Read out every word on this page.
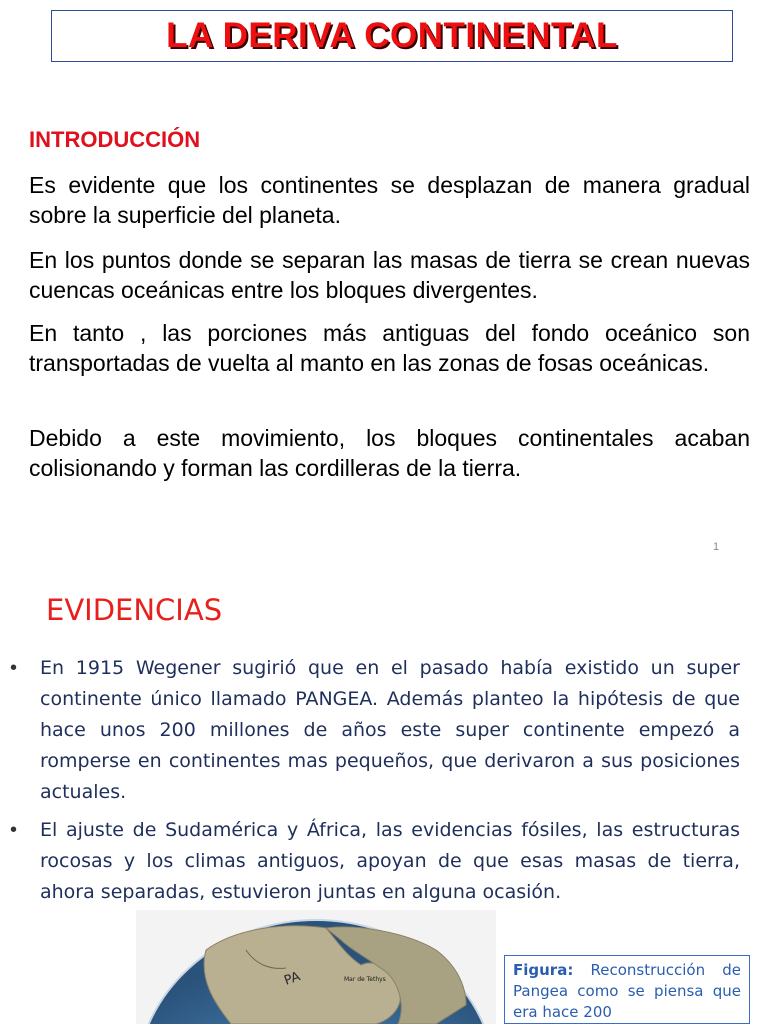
LA DERIVA CONTINENTAL
INTRODUCCIÓN
Es evidente que los continentes se desplazan de manera gradual sobre la superficie del planeta.
En los puntos donde se separan las masas de tierra se crean nuevas cuencas oceánicas entre los bloques divergentes.
En tanto , las porciones más antiguas del fondo oceánico son transportadas de vuelta al manto en las zonas de fosas oceánicas.
Debido a este movimiento, los bloques continentales acaban colisionando y forman las cordilleras de la tierra.
1
EVIDENCIAS
• En 1915 Wegener sugirió que en el pasado había existido un super continente único llamado PANGEA. Además planteo la hipótesis de que hace unos 200 millones de años este super continente empezó a romperse en continentes mas pequeños, que derivaron a sus posiciones actuales.
• El ajuste de Sudamérica y África, las evidencias fósiles, las estructuras rocosas y los climas antiguos, apoyan de que esas masas de tierra, ahora separadas, estuvieron juntas en alguna ocasión.
PA	Mar de Tethys
Figura: Reconstrucción de Pangea como se piensa que era hace 200
